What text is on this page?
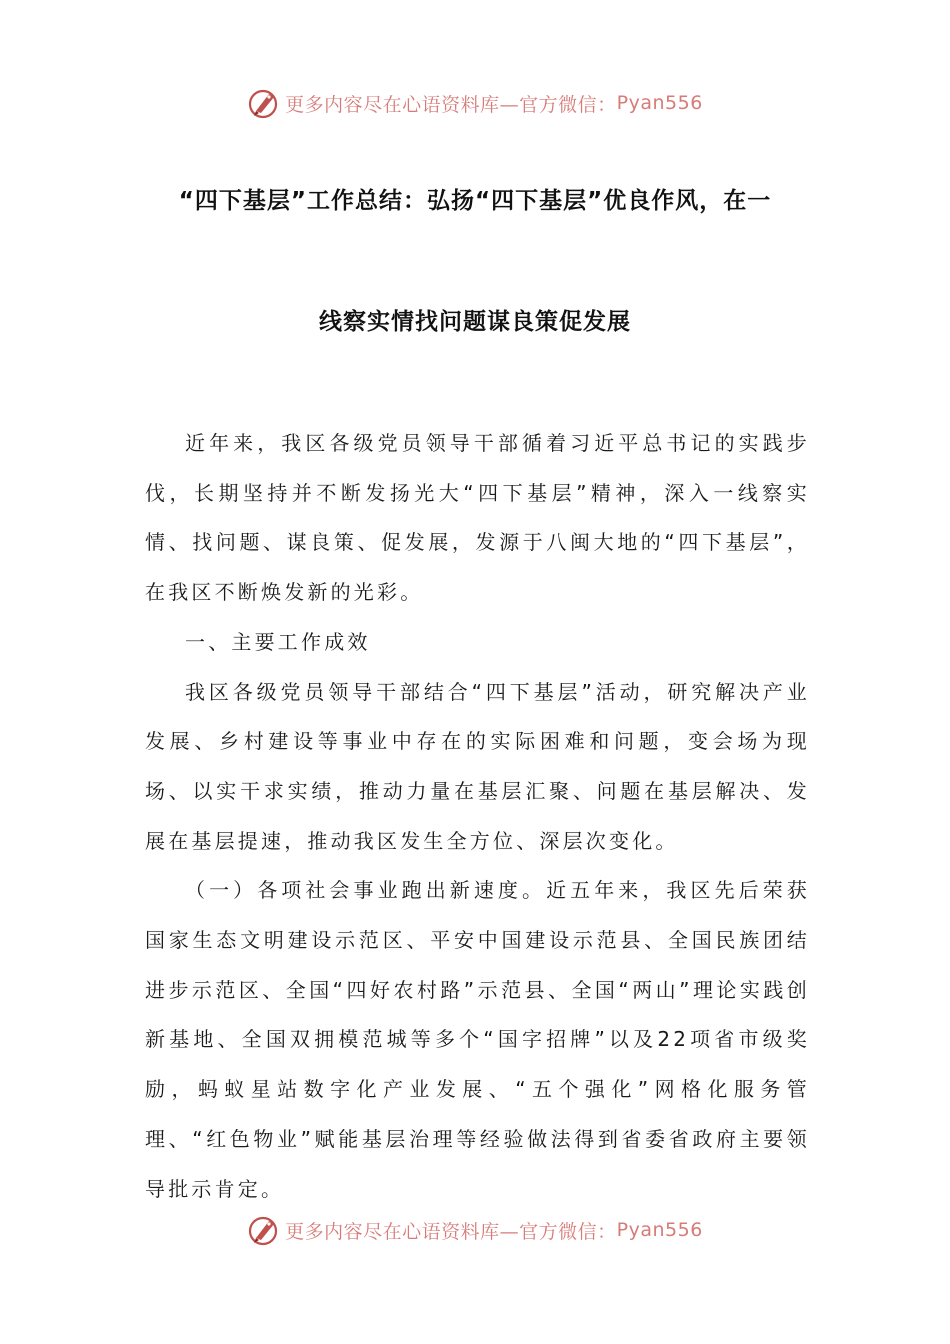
更多内容尽在心语资料库—官方微信： Pyan556
“四下基层”工作总结：弘扬“四下基层”优良作风，在一
线察实情找问题谋良策促发展

近年来，我区各级党员领导干部循着习近平总书记的实践步伐，长期坚持并不断发扬光大“四下基层”精神，深入一线察实情、找问题、谋良策、促发展，发源于八闽大地的“四下基层”，在我区不断焕发新的光彩。

一、主要工作成效

我区各级党员领导干部结合“四下基层”活动，研究解决产业发展、乡村建设等事业中存在的实际困难和问题，变会场为现场、以实干求实绩，推动力量在基层汇聚、问题在基层解决、发展在基层提速，推动我区发生全方位、深层次变化。

（一）各项社会事业跑出新速度。近五年来，我区先后荣获国家生态文明建设示范区、平安中国建设示范县、全国民族团结进步示范区、全国“四好农村路”示范县、全国“两山”理论实践创新基地、全国双拥模范城等多个“国字招牌”以及22项省市级奖励，蚂蚁星站数字化产业发展、“五个强化”网格化服务管理、“红色物业”赋能基层治理等经验做法得到省委省政府主要领导批示肯定。

更多内容尽在心语资料库—官方微信： Pyan556
